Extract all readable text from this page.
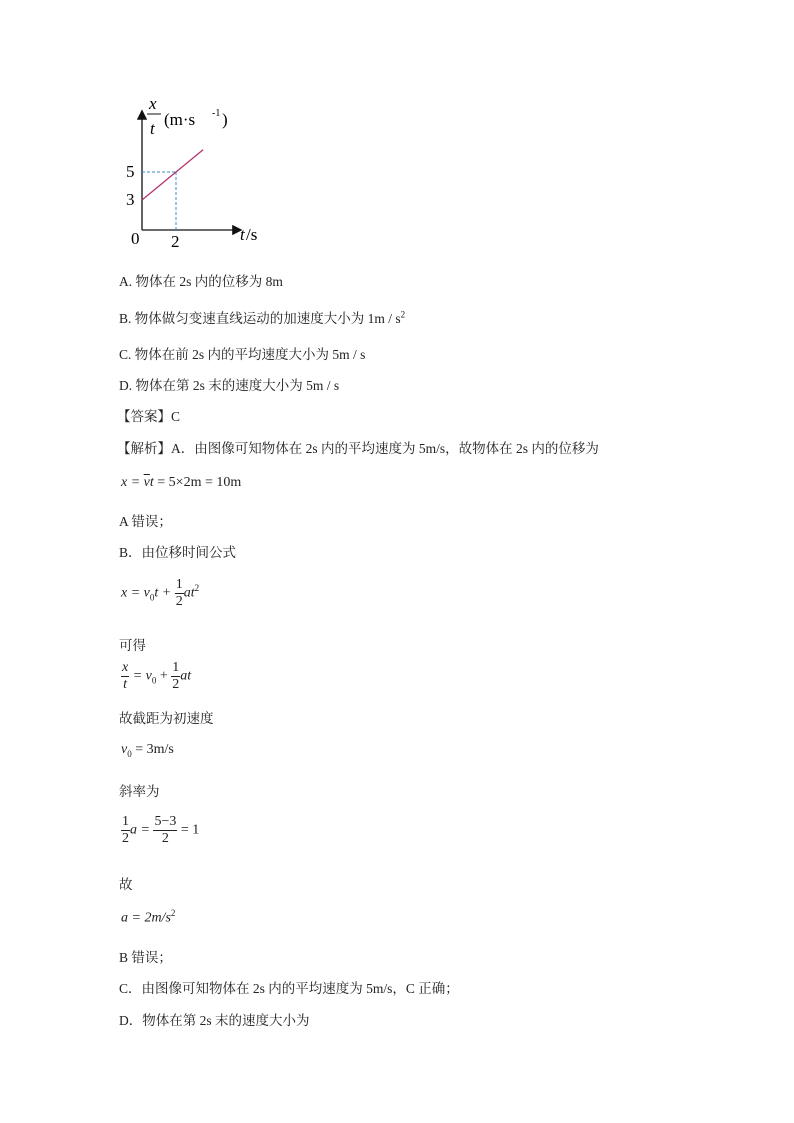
x
t (m·s -1 )
5
3
0 2	t /s
A. 物体在 2s 内的位移为 8m
B. 物体做匀变速直线运动的加速度大小为 $1m / s^2$
C. 物体在前 2s 内的平均速度大小为 5m / s
D. 物体在第 2s 末的速度大小为 5m / s
【答案】C
【解析】A．由图像可知物体在 2s 内的平均速度为 5m/s，故物体在 2s 内的位移为
$x = \overline{v}t = 5\times 2m = 10m$
A 错误；
B．由位移时间公式
$x = v_0t + \frac{1}{2} at^2$
可得
$\frac{x}{t} = v_0 + \frac{1}{2}$ at
故截距为初速度
$v_0 = 3m/s$
斜率为
$\frac{1}{2}$ $a = \frac{5-3}{2} = 1$
故
$a = 2m/s^2$
B 错误；
C．由图像可知物体在 2s 内的平均速度为 5m/s，C 正确；
D．物体在第 2s 末的速度大小为
